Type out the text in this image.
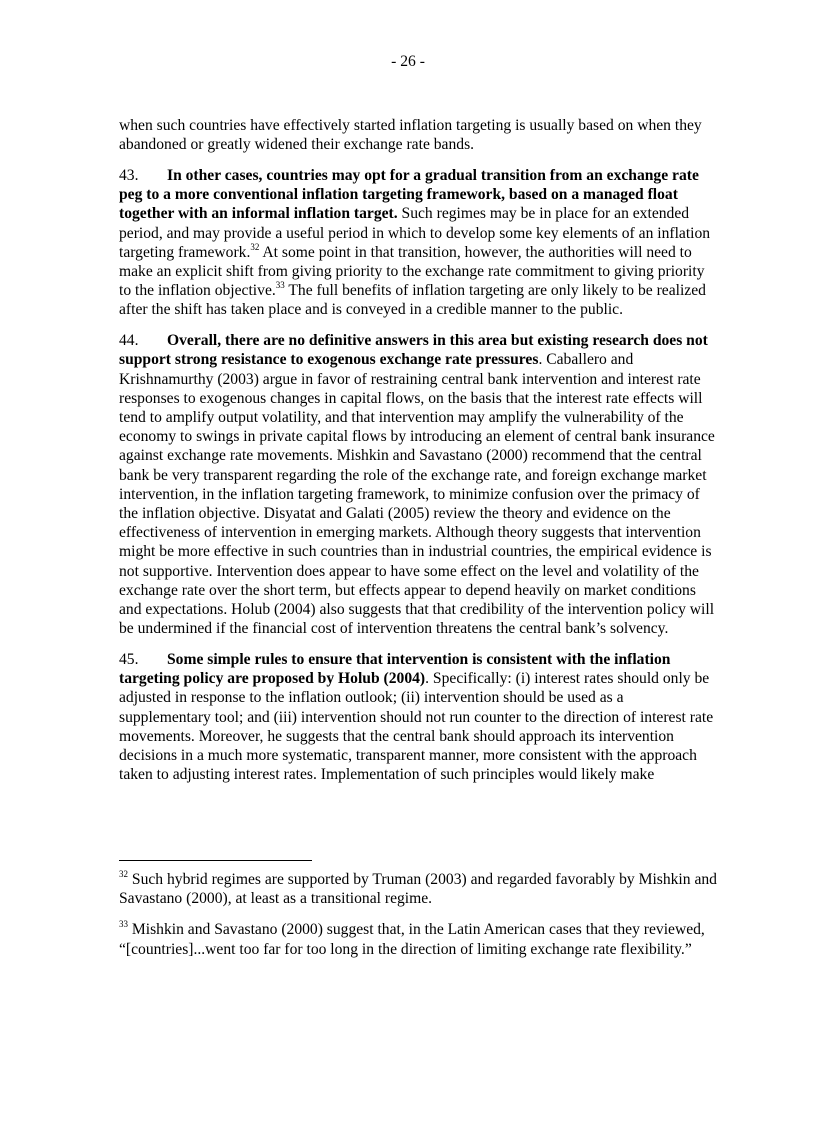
- 26 -

when such countries have effectively started inflation targeting is usually based on when they abandoned or greatly widened their exchange rate bands.

43. In other cases, countries may opt for a gradual transition from an exchange rate peg to a more conventional inflation targeting framework, based on a managed float together with an informal inflation target. Such regimes may be in place for an extended period, and may provide a useful period in which to develop some key elements of an inflation targeting framework.$^{32}$ At some point in that transition, however, the authorities will need to make an explicit shift from giving priority to the exchange rate commitment to giving priority to the inflation objective.$^{33}$ The full benefits of inflation targeting are only likely to be realized after the shift has taken place and is conveyed in a credible manner to the public.

44. Overall, there are no definitive answers in this area but existing research does not support strong resistance to exogenous exchange rate pressures. Caballero and Krishnamurthy (2003) argue in favor of restraining central bank intervention and interest rate responses to exogenous changes in capital flows, on the basis that the interest rate effects will tend to amplify output volatility, and that intervention may amplify the vulnerability of the economy to swings in private capital flows by introducing an element of central bank insurance against exchange rate movements. Mishkin and Savastano (2000) recommend that the central bank be very transparent regarding the role of the exchange rate, and foreign exchange market intervention, in the inflation targeting framework, to minimize confusion over the primacy of the inflation objective. Disyatat and Galati (2005) review the theory and evidence on the effectiveness of intervention in emerging markets. Although theory suggests that intervention might be more effective in such countries than in industrial countries, the empirical evidence is not supportive. Intervention does appear to have some effect on the level and volatility of the exchange rate over the short term, but effects appear to depend heavily on market conditions and expectations. Holub (2004) also suggests that that credibility of the intervention policy will be undermined if the financial cost of intervention threatens the central bank’s solvency.

45. Some simple rules to ensure that intervention is consistent with the inflation targeting policy are proposed by Holub (2004). Specifically: (i) interest rates should only be adjusted in response to the inflation outlook; (ii) intervention should be used as a supplementary tool; and (iii) intervention should not run counter to the direction of interest rate movements. Moreover, he suggests that the central bank should approach its intervention decisions in a much more systematic, transparent manner, more consistent with the approach taken to adjusting interest rates. Implementation of such principles would likely make

$^{32}$ Such hybrid regimes are supported by Truman (2003) and regarded favorably by Mishkin and Savastano (2000), at least as a transitional regime.

$^{33}$ Mishkin and Savastano (2000) suggest that, in the Latin American cases that they reviewed, “[countries]...went too far for too long in the direction of limiting exchange rate flexibility.”
